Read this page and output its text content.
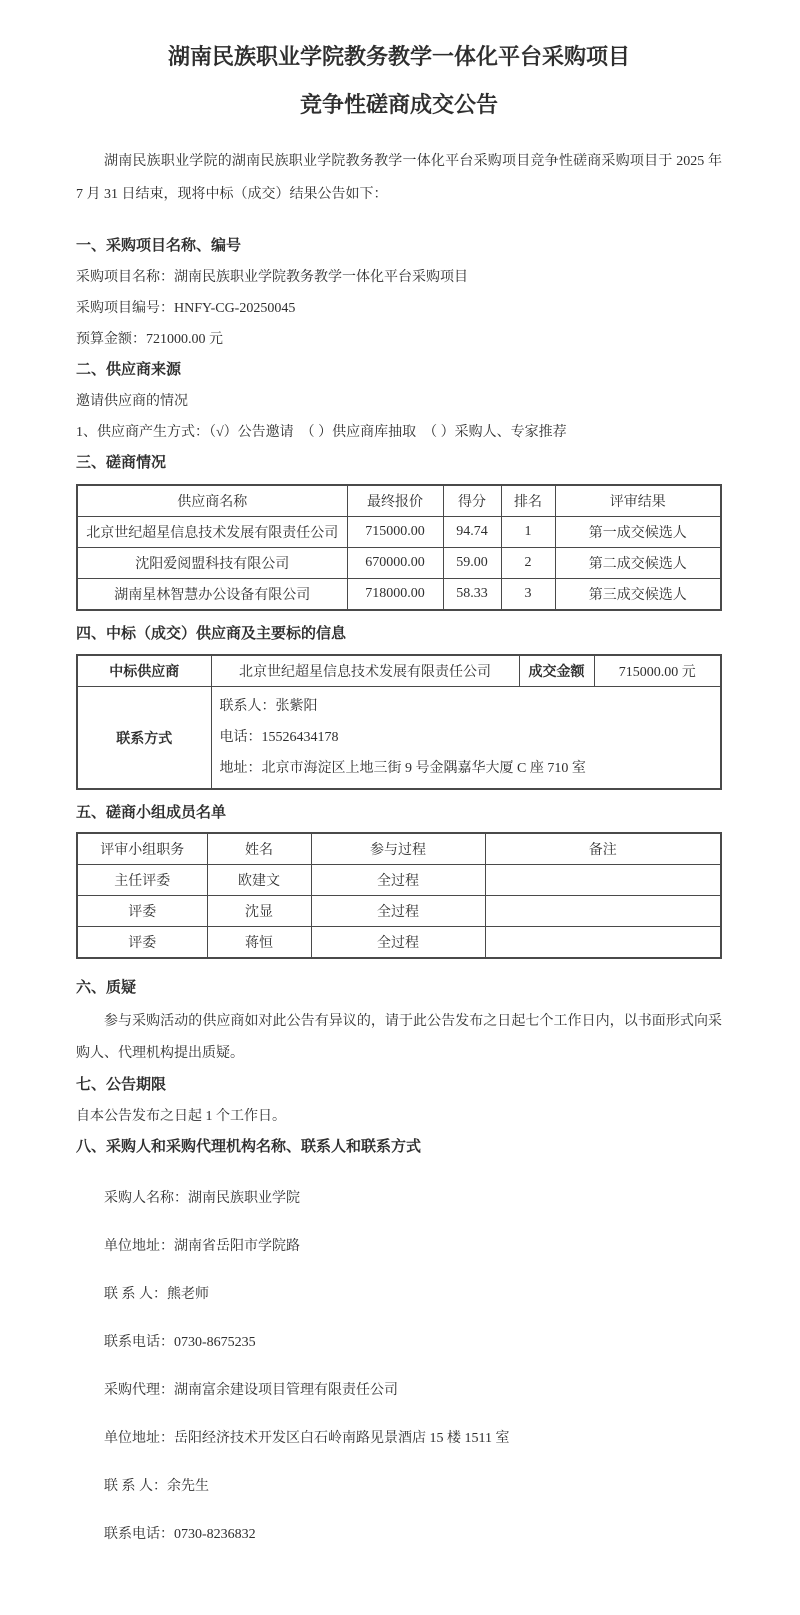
湖南民族职业学院教务教学一体化平台采购项目
竞争性磋商成交公告

湖南民族职业学院的湖南民族职业学院教务教学一体化平台采购项目竞争性磋商采购项目于 2025 年 7 月 31 日结束，现将中标（成交）结果公告如下：

一、采购项目名称、编号

采购项目名称：湖南民族职业学院教务教学一体化平台采购项目

采购项目编号：HNFY-CG-20250045

预算金额：721000.00 元

二、供应商来源

邀请供应商的情况

1、供应商产生方式：（√）公告邀请  （ ）供应商库抽取  （ ）采购人、专家推荐

三、磋商情况

供应商名称	最终报价	得分	排名	评审结果
北京世纪超星信息技术发展有限责任公司	715000.00	94.74	1	第一成交候选人
沈阳爱阅盟科技有限公司	670000.00	59.00	2	第二成交候选人
湖南星林智慧办公设备有限公司	718000.00	58.33	3	第三成交候选人

四、中标（成交）供应商及主要标的信息

中标供应商	北京世纪超星信息技术发展有限责任公司	成交金额	715000.00 元
联系方式	联系人：张紫阳

电话：15526434178

地址：北京市海淀区上地三街 9 号金隅嘉华大厦 C 座 710 室		

五、磋商小组成员名单

评审小组职务	姓名	参与过程	备注
主任评委	欧建文	全过程	
评委	沈显	全过程	
评委	蒋恒	全过程	

六、质疑

参与采购活动的供应商如对此公告有异议的，请于此公告发布之日起七个工作日内，以书面形式向采购人、代理机构提出质疑。

七、公告期限

自本公告发布之日起 1 个工作日。

八、采购人和采购代理机构名称、联系人和联系方式

采购人名称：湖南民族职业学院

单位地址：湖南省岳阳市学院路

联 系 人：熊老师

联系电话：0730-8675235

采购代理：湖南富余建设项目管理有限责任公司

单位地址：岳阳经济技术开发区白石岭南路见景酒店 15 楼 1511 室

联 系 人：余先生

联系电话：0730-8236832
